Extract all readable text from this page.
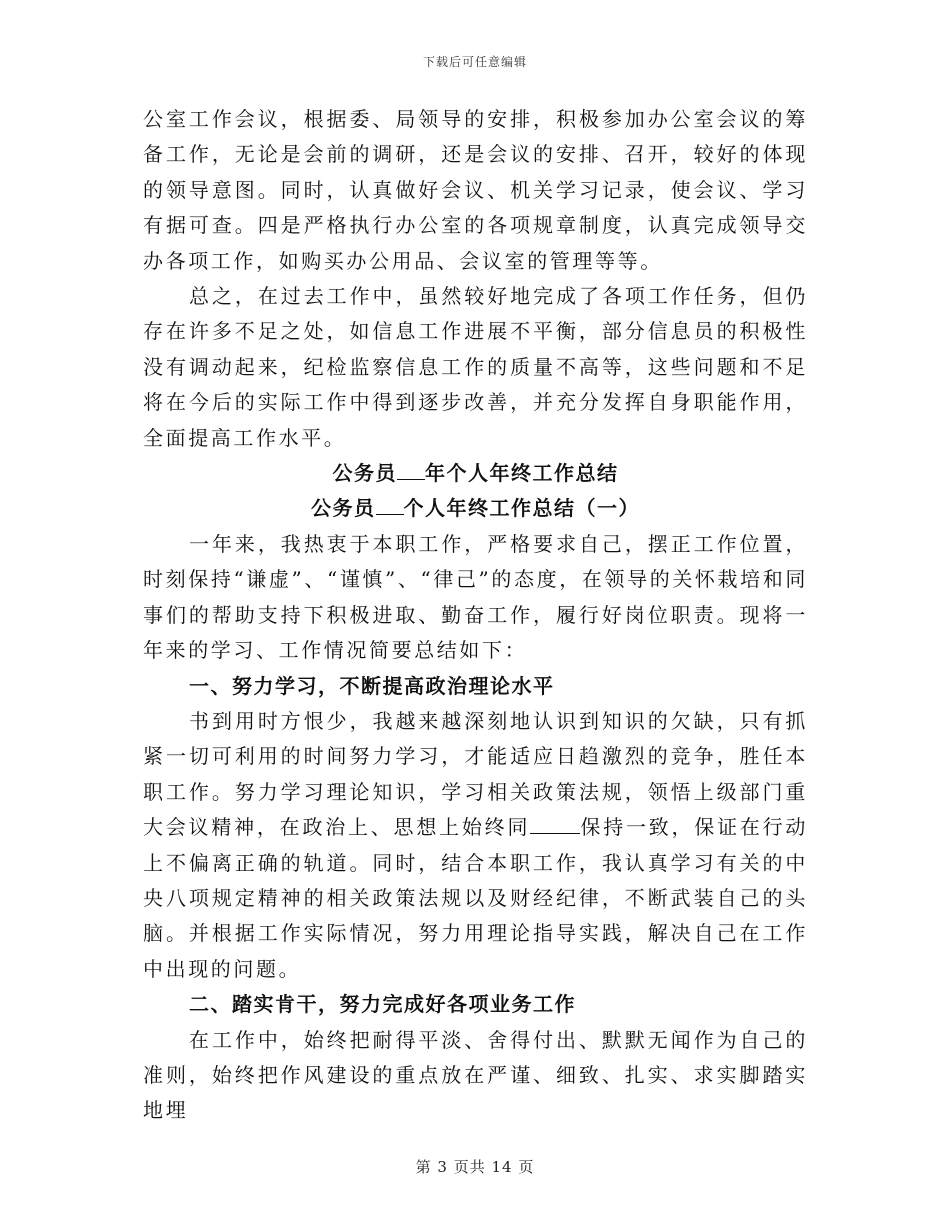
下载后可任意编辑

公室工作会议，根据委、局领导的安排，积极参加办公室会议的筹备工作，无论是会前的调研，还是会议的安排、召开，较好的体现的领导意图。同时，认真做好会议、机关学习记录，使会议、学习有据可查。四是严格执行办公室的各项规章制度，认真完成领导交办各项工作，如购买办公用品、会议室的管理等等。

总之，在过去工作中，虽然较好地完成了各项工作任务，但仍存在许多不足之处，如信息工作进展不平衡，部分信息员的积极性没有调动起来，纪检监察信息工作的质量不高等，这些问题和不足将在今后的实际工作中得到逐步改善，并充分发挥自身职能作用，全面提高工作水平。

公务员 年个人年终工作总结

公务员 个人年终工作总结（一）

一年来，我热衷于本职工作，严格要求自己，摆正工作位置，时刻保持“谦虚”、“谨慎”、“律己”的态度，在领导的关怀栽培和同事们的帮助支持下积极进取、勤奋工作，履行好岗位职责。现将一年来的学习、工作情况简要总结如下：

一、努力学习，不断提高政治理论水平

书到用时方恨少，我越来越深刻地认识到知识的欠缺，只有抓紧一切可利用的时间努力学习，才能适应日趋激烈的竞争，胜任本职工作。努力学习理论知识，学习相关政策法规，领悟上级部门重大会议精神，在政治上、思想上始终同	保持一致，保证在行动上不偏离正确的轨道。同时，结合本职工作，我认真学习有关的中央八项规定精神的相关政策法规以及财经纪律，不断武装自己的头脑。并根据工作实际情况，努力用理论指导实践，解决自己在工作中出现的问题。

二、踏实肯干，努力完成好各项业务工作

在工作中，始终把耐得平淡、舍得付出、默默无闻作为自己的准则，始终把作风建设的重点放在严谨、细致、扎实、求实脚踏实地埋

第 3 页共 14 页
